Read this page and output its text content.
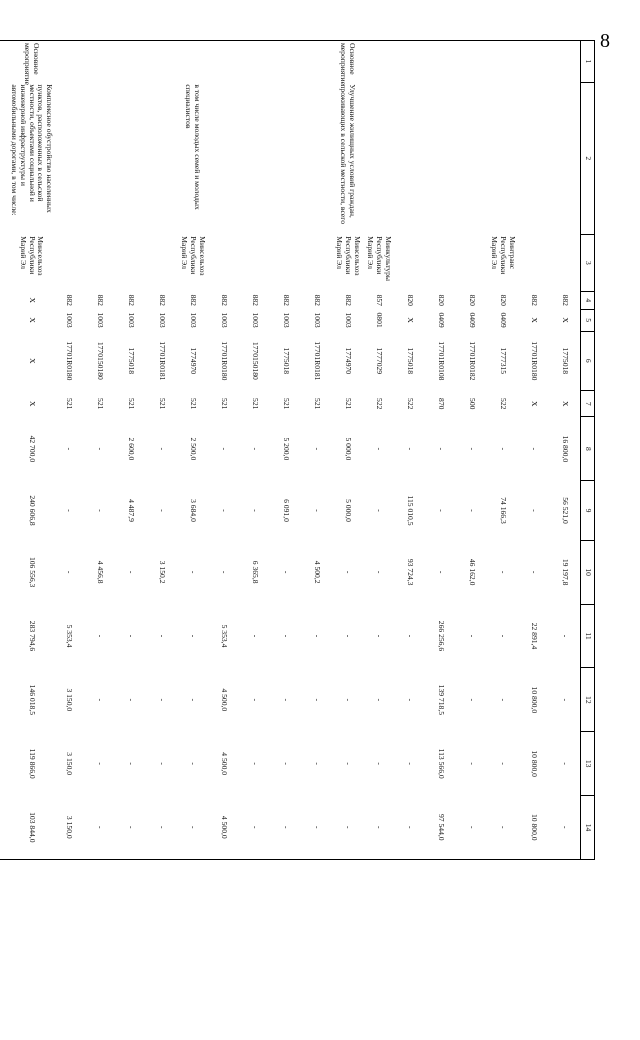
8
1	2	3	4	5	6	7	8	9	10	11	12	13	14
			882	X	1775018	X	16 800,0	56 521,0	19 197,8	-	-	-	-
			882	X	17701R0180	X	-	-	-	22 891,4	10 800,0	10 800,0	10 800,0
		Минтранс Республики Марий Эл	820	0409	1777315	522	-	74 166,3	-	-	-	-	-
			820	0409	17701R0182	500	-	-	46 162,0	-	-	-	-
			820	0409	17701R0108	870	-	-	-	266 256,6	139 718,5	113 566,0	97 544,0
			820	X	1775018	522	-	115 010,5	93 724,3	-	-	-	-
		Минкультуры Республики Марий Эл	857	0801	1777029	522	-	-	-	-	-	-	-
Основное мероприятие	Улучшение жилищных условий граждан, проживающих в сельской местности, всего	Минсельхоз Республики Марий Эл	882	1003	1774970	521	5 000,0	5 000,0	-	-	-	-	-
			882	1003	17701R0181	521	-	-	4 500,2	-	-	-	-
			882	1003	1775018	521	5 200,0	6 091,0	-	-	-	-	-
			882	1003	1770150180	521	-	-	6 365,8	-	-	-	-
			882	1003	17701R0180	521	-	-	-	5 353,4	4 500,0	4 500,0	4 500,0
	в том числе молодых семей и молодых специалистов	Минсельхоз Республики Марий Эл	882	1003	1774970	521	2 500,0	3 684,0	-	-	-	-	-
			882	1003	17701R0181	521	-	-	3 150,2	-	-	-	-
			882	1003	1775018	521	2 600,0	4 487,9	-	-	-	-	-
			882	1003	1770150180	521	-	-	4 456,8	-	-	-	-
			882	1003	17701R0180	521	-	-	-	5 353,4	3 150,0	3 150,0	3 150,0
Основное мероприятие	Комплексное обустройство населенных пунктов, расположенных в сельской местности, объектами социальной и инженерной инфраструктуры и автомобильными дорогами, в том числе:	Минсельхоз Республики Марий Эл	X	X	X	X	42 700,0	240 606,8	106 556,3	283 794,6	146 018,5	119 866,0	103 844,0
